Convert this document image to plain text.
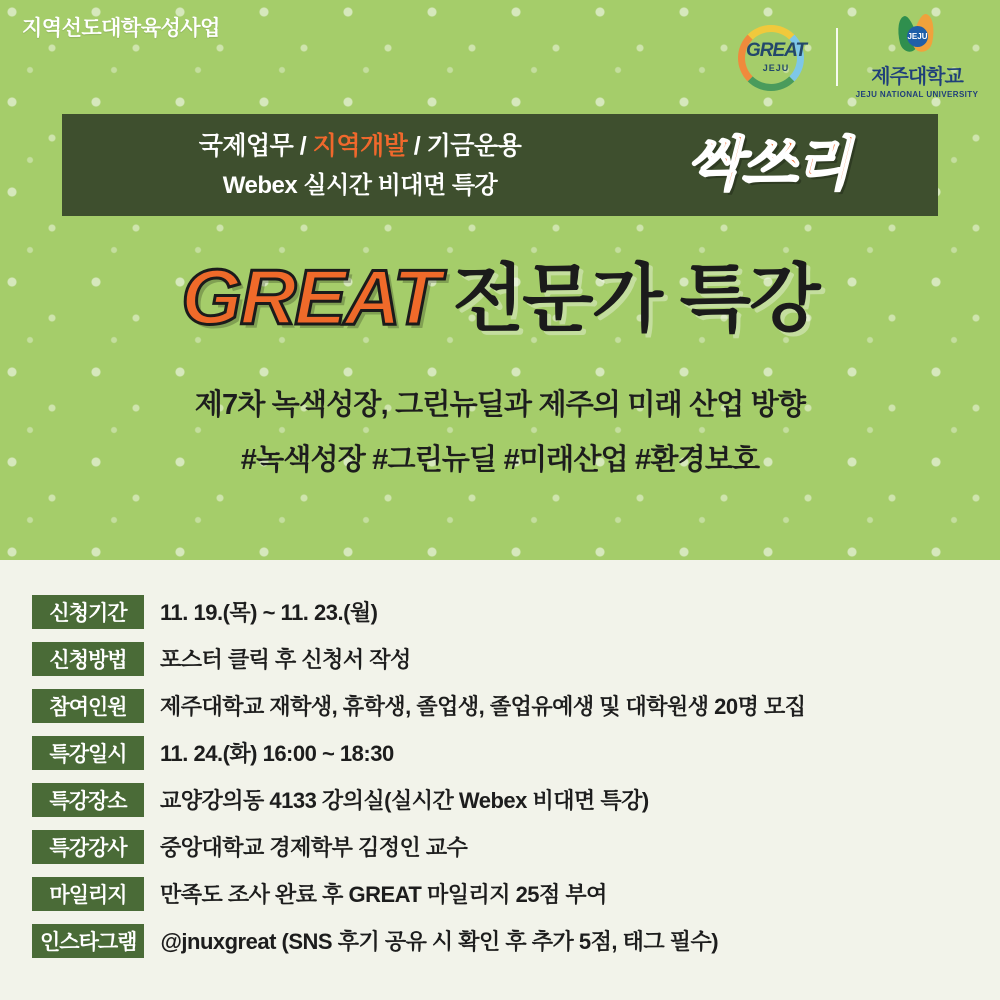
지역선도대학육성사업
GREAT
JEJU
JEJU
제주대학교
JEJU NATIONAL UNIVERSITY
국제업무 / 지역개발 / 기금운용
Webex 실시간 비대면 특강	싹쓰리
GREAT 전문가 특강
제7차 녹색성장, 그린뉴딜과 제주의 미래 산업 방향
#녹색성장 #그린뉴딜 #미래산업 #환경보호
신청기간	11. 19.(목) ~ 11. 23.(월)
신청방법	포스터 클릭 후 신청서 작성
참여인원	제주대학교 재학생, 휴학생, 졸업생, 졸업유예생 및 대학원생 20명 모집
특강일시	11. 24.(화) 16:00 ~ 18:30
특강장소	교양강의동 4133 강의실(실시간 Webex 비대면 특강)
특강강사	중앙대학교 경제학부 김정인 교수
마일리지	만족도 조사 완료 후 GREAT 마일리지 25점 부여
인스타그램	@jnuxgreat (SNS 후기 공유 시 확인 후 추가 5점, 태그 필수)
